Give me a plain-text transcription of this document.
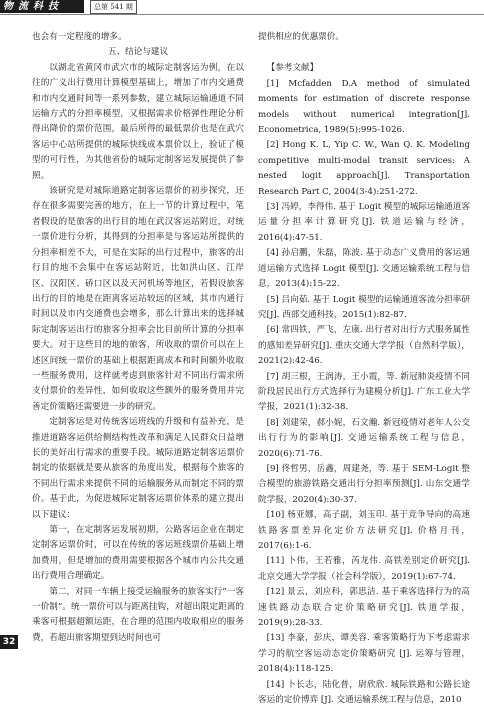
物流科技	总第 541 期

也会有一定程度的增多。

五、结论与建议

以湖北省黄冈市武穴市的城际定制客运为例，在以往的广义出行费用计算模型基础上，增加了市内交通费和市内交通时间等一系列参数，建立城际运输通道不同运输方式的分担率模型，又根据需求价格弹性理论分析得出降价的票价范围，最后所得的最低票价也是在武穴客运中心站所提供的城际快线成本票价以上，验证了模型的可行性，为其他省份的城际定制客运发展提供了参照。

该研究是对城际道路定制客运票价的初步探究，还存在很多需要完善的地方，在上一节的计算过程中，笔者假设的是旅客的出行目的地在武汉客运站附近，对统一票价进行分析，其得到的分担率是与客运站所提供的分担率相差不大，可是在实际的出行过程中，旅客的出行目的地不会集中在客运站附近，比如洪山区、江岸区、汉阳区、硚口区以及天河机场等地区，若假设旅客出行的目的地是在距离客运站较远的区域，其市内通行时间以及市内交通费也会增多，那么计算出来的选择城际定制客运出行的旅客分担率会比目前所计算的分担率要大。对于这些目的地的旅客，所收取的票价可以在上述区间统一票价的基础上根据距离成本和时间额外收取一些服务费用，这样就考虑到旅客针对不同出行需求所支付票价的差异性，如何收取这些额外的服务费用并完善定价策略还需要进一步的研究。

定制客运是对传统客运班线的升级和有益补充，是推进道路客运供给侧结构性改革和满足人民群众日益增长的美好出行需求的重要手段。城际道路定制客运票价制定的依据就是要从旅客的角度出发，根据每个旅客的不同出行需求来提供不同的运输服务从而制定不同的票价。基于此，为促进城际定制客运票价体系的建立提出以下建议：

第一，在定制客运发展初期，公路客运企业在制定定制客运票价时，可以在传统的客运班线票价基础上增加费用，但是增加的费用需要根据各个城市内公共交通出行费用合理确定。

第二，对同一车辆上接受运输服务的旅客实行“一客一价制”。统一票价可以与距离挂钩，对超出限定距离的乘客可根据超额运距，在合理的范围内收取相应的服务费，若超出旅客期望到达时间也可

提供相应的优惠票价。

【参考文献】

[1] Mcfadden D.A method of simulated moments for estimation of discrete response models without numerical integration[J]. Econometrica, 1989(5):995-1026.

[2] Hong K. L, Yip C. W., Wan Q. K. Modeling competitive multi-modal transit services: A nested logit approach[J]. Transportation Research Part C, 2004(3-4):251-272.

[3] 冯婷，李得伟. 基于 Logit 模型的城际运输通道客运量分担率计算研究[J]. 铁道运输与经济，2016(4):47-51.

[4] 孙启鹏，朱磊，陈波. 基于动态广义费用的客运通道运输方式选择 Logit 模型[J]. 交通运输系统工程与信息，2013(4):15-22.

[5] 吕向茹. 基于 Logit 模型的运输通道客流分担率研究[J]. 西部交通科技，2015(1):82-87.

[6] 常四铁，严飞，左康. 出行者对出行方式服务属性的感知差异研究[J]. 重庆交通大学学报（自然科学版），2021(2):42-46.

[7] 胡三根，王润涛，王小霞，等. 新冠肺炎疫情不同阶段居民出行方式选择行为建模分析[J]. 广东工业大学学报，2021(1):32-38.

[8] 刘建荣，郝小妮，石文瀚. 新冠疫情对老年人公交出行行为的影响[J]. 交通运输系统工程与信息，2020(6):71-76.

[9] 佟哲男，岳鑫，周建尧，等. 基于 SEM-Logit 整合模型的旅游铁路交通出行分担率预测[J]. 山东交通学院学报，2020(4):30-37.

[10] 杨亚娜，高子副，刘玉印. 基于竞争导向的高速铁路客票差异化定价方法研究[J]. 价格月刊，2017(6):1-6.

[11] 卜伟，王若雅，芮龙伟. 高铁差别定价研究[J]. 北京交通大学学报（社会科学版），2019(1):67-74.

[12] 景云，刘应科，郭思洁. 基于乘客选择行为的高速铁路动态联合定价策略研究[J]. 铁道学报，2019(9):28-33.

[13] 李豪，彭庆，谭美容. 乘客策略行为下考虑需求学习的航空客运动态定价策略研究 [J]. 运筹与管理，2018(4):118-125.

[14] 卜长志，陆化普，尉欣欣. 城际铁路和公路长途客运的定价博弈 [J]. 交通运输系统工程与信息，2010

32
